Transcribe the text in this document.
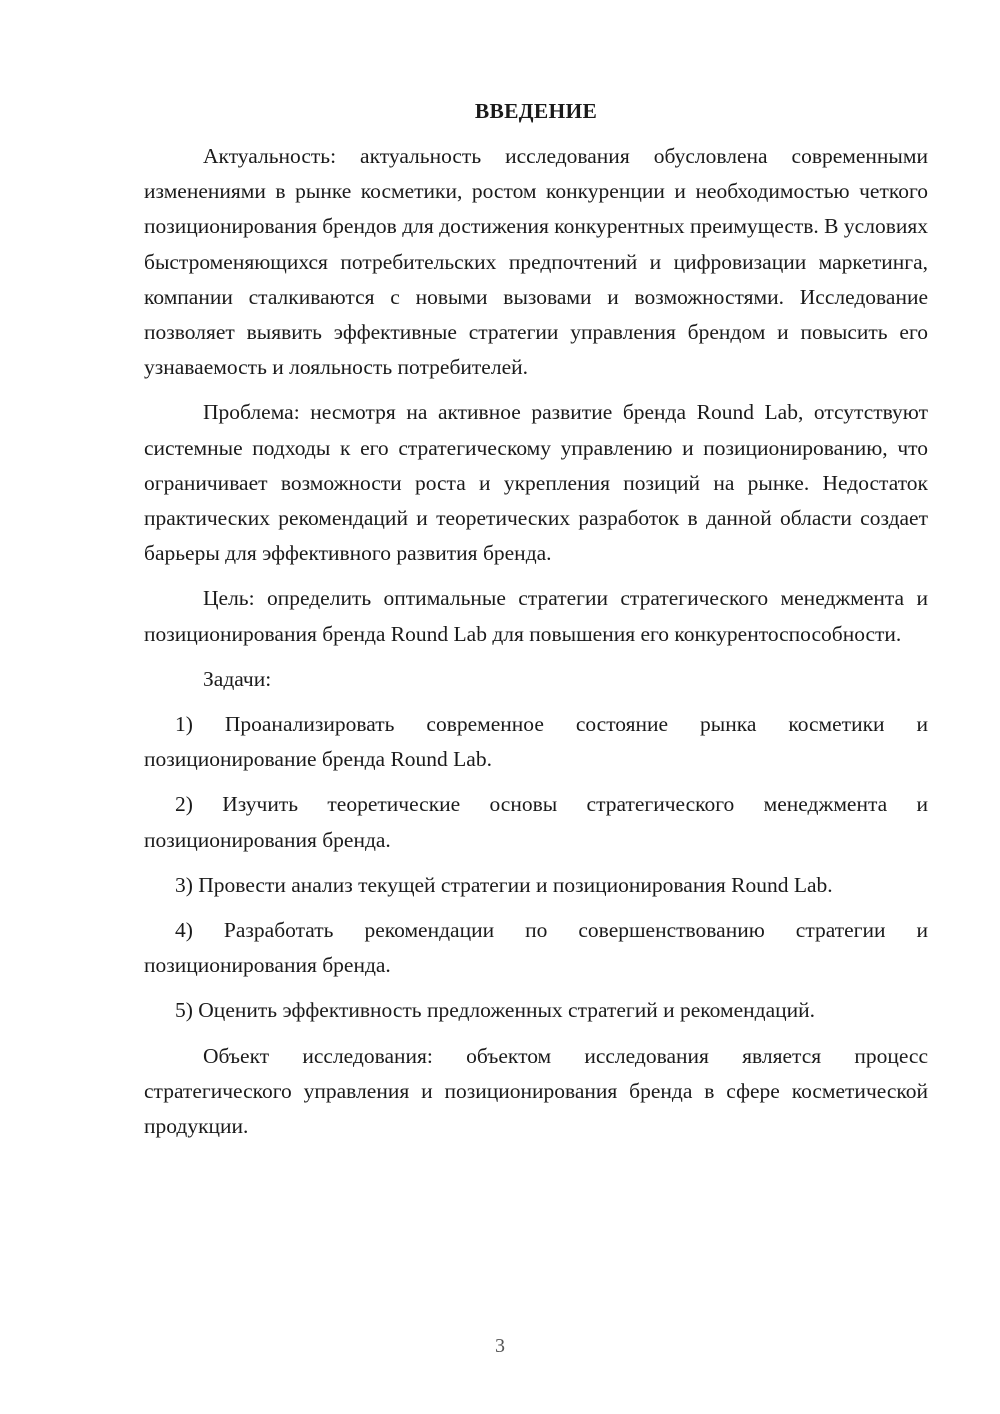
ВВЕДЕНИЕ

Актуальность: актуальность исследования обусловлена современными изменениями в рынке косметики, ростом конкуренции и необходимостью четкого позиционирования брендов для достижения конкурентных преимуществ. В условиях быстроменяющихся потребительских предпочтений и цифровизации маркетинга, компании сталкиваются с новыми вызовами и возможностями. Исследование позволяет выявить эффективные стратегии управления брендом и повысить его узнаваемость и лояльность потребителей.

Проблема: несмотря на активное развитие бренда Round Lab, отсутствуют системные подходы к его стратегическому управлению и позиционированию, что ограничивает возможности роста и укрепления позиций на рынке. Недостаток практических рекомендаций и теоретических разработок в данной области создает барьеры для эффективного развития бренда.

Цель: определить оптимальные стратегии стратегического менеджмента и позиционирования бренда Round Lab для повышения его конкурентоспособности.

Задачи:

1) Проанализировать современное состояние рынка косметики и позиционирование бренда Round Lab.

2) Изучить теоретические основы стратегического менеджмента и позиционирования бренда.

3) Провести анализ текущей стратегии и позиционирования Round Lab.

4) Разработать рекомендации по совершенствованию стратегии и позиционирования бренда.

5) Оценить эффективность предложенных стратегий и рекомендаций.

Объект исследования: объектом исследования является процесс стратегического управления и позиционирования бренда в сфере косметической продукции.

3
